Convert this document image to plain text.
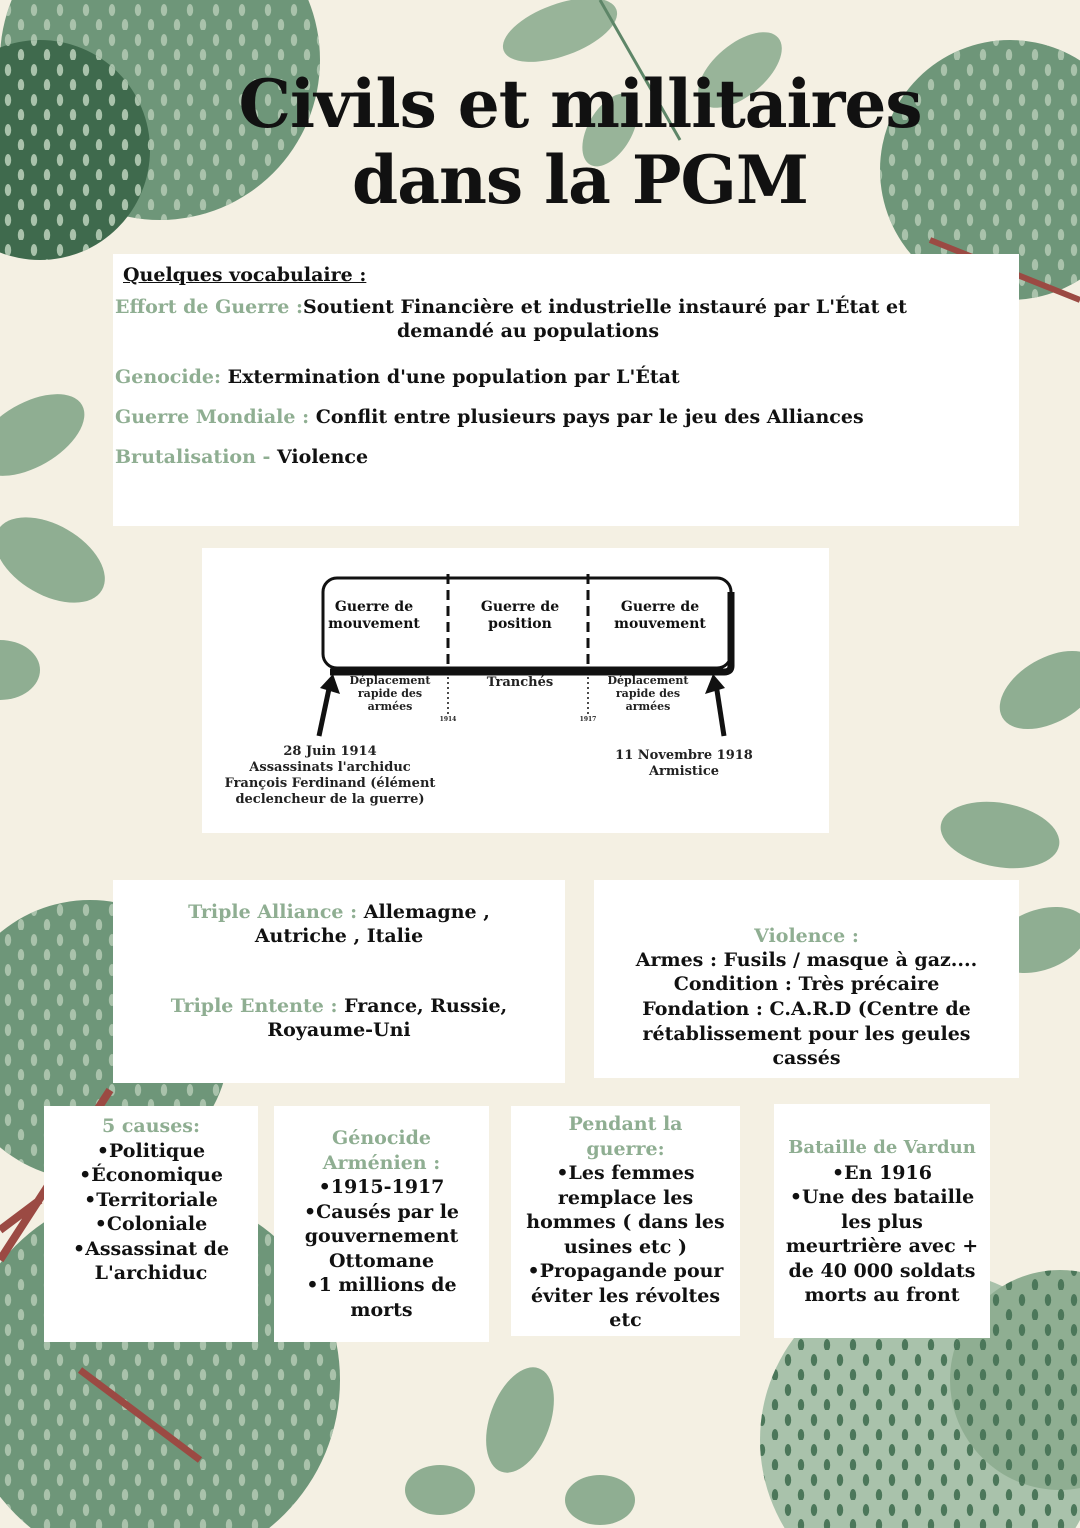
Civils et millitaires
dans la PGM
Quelques vocabulaire :
Effort de Guerre :Soutient Financière et industrielle instauré par L'État et
demandé au populations
Genocide: Extermination d'une population par L'État
Guerre Mondiale : Conflit entre plusieurs pays par le jeu des Alliances
Brutalisation - Violence
Guerre de mouvement
Guerre de position
Guerre de mouvement
Déplacement rapide des armées
Tranchés	Déplacement rapide des armées
1914	1917
28 Juin 1914
Assassinats l'archiduc François Ferdinand (élément declencheur de la guerre)
11 Novembre 1918
Armistice
Triple Alliance : Allemagne ,
Autriche , Italie
Triple Entente : France, Russie,
Royaume-Uni
Violence :
Armes : Fusils / masque à gaz....
Condition : Très précaire
Fondation : C.A.R.D (Centre de
rétablissement pour les geules
cassés
5 causes:
•Politique
•Économique
•Territoriale
•Coloniale
•Assassinat de
L'archiduc
Génocide
Arménien :
•1915-1917
•Causés par le
gouvernement
Ottomane
•1 millions de
morts
Pendant la
guerre:
•Les femmes
remplace les
hommes ( dans les
usines etc )
•Propagande pour
éviter les révoltes
etc
Bataille de Vardun
•En 1916
•Une des bataille
les plus
meurtrière avec +
de 40 000 soldats
morts au front
